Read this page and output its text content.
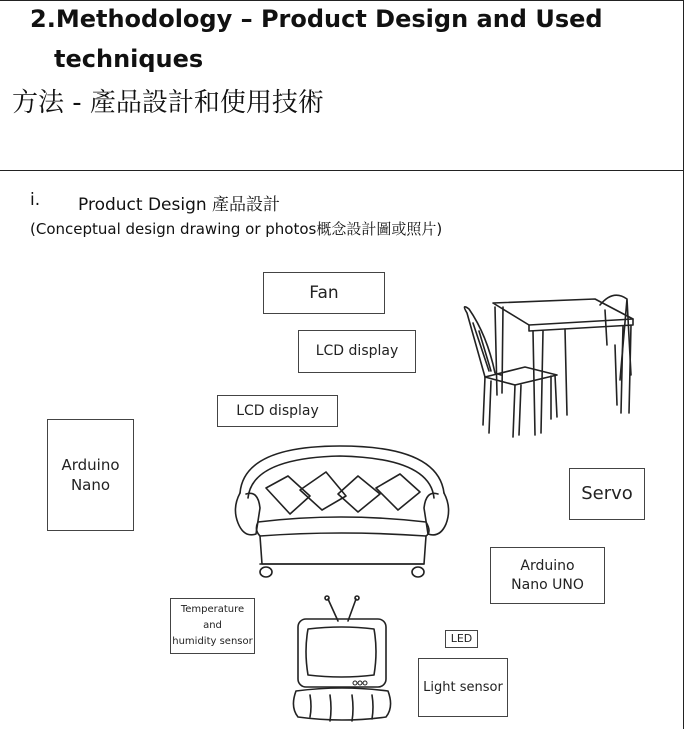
2.Methodology – Product Design and Used
techniques
方法 - 產品設計和使用技術
i. Product Design 產品設計
(Conceptual design drawing or photos概念設計圖或照片)
Fan
LCD display
LCD display
Arduino
Nano	Servo
Arduino
Nano UNO
Temperature
and
humidity sensor	LED
Light sensor
